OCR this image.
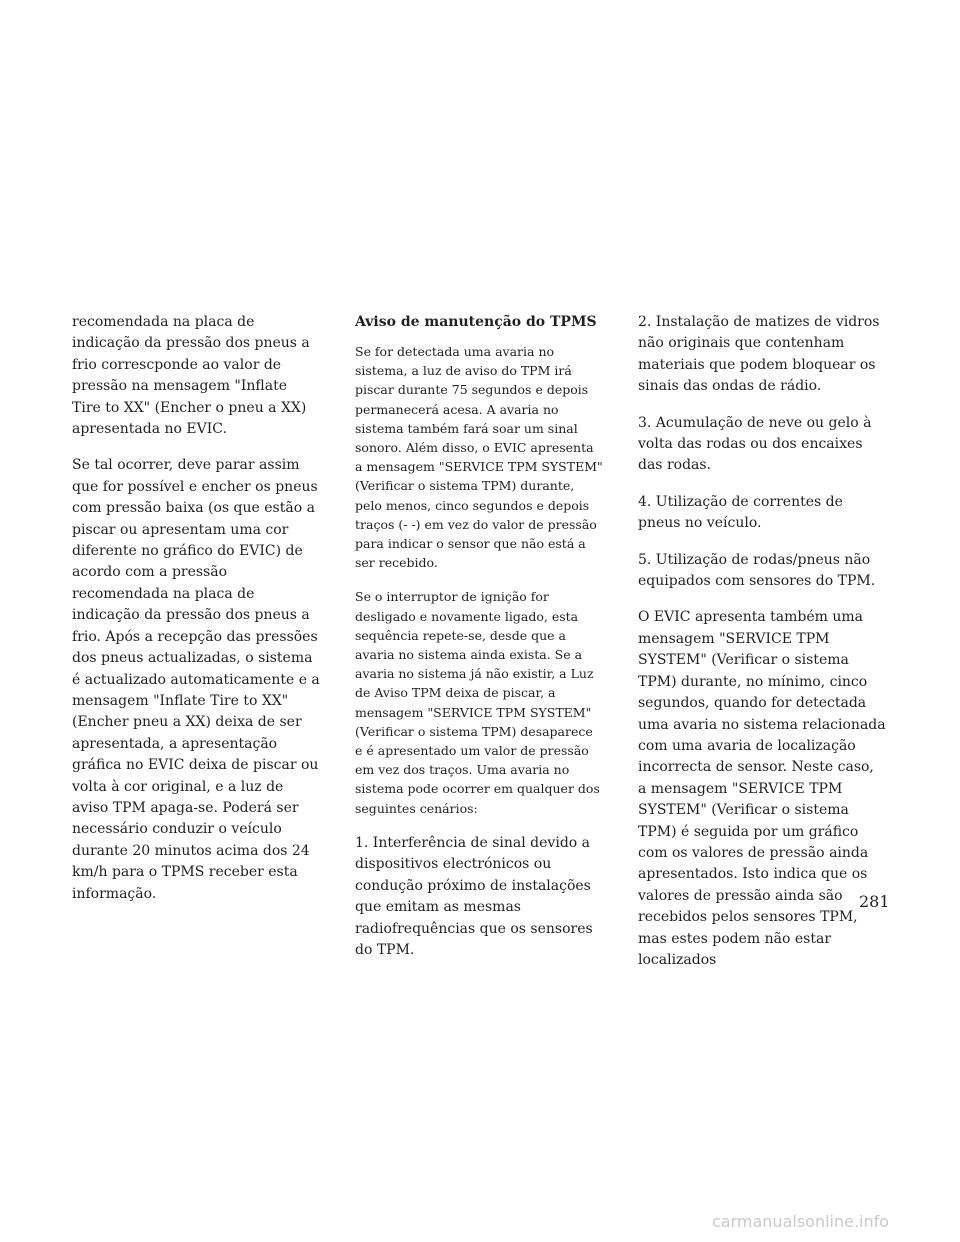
recomendada na placa de indicação da pressão dos pneus a frio correscponde ao valor de pressão na mensagem "Inflate Tire to XX" (Encher o pneu a XX) apresentada no EVIC.

Se tal ocorrer, deve parar assim que for possível e encher os pneus com pressão baixa (os que estão a piscar ou apresentam uma cor diferente no gráfico do EVIC) de acordo com a pressão recomendada na placa de indicação da pressão dos pneus a frio. Após a recepção das pressões dos pneus actualizadas, o sistema é actualizado automaticamente e a mensagem "Inflate Tire to XX" (Encher pneu a XX) deixa de ser apresentada, a apresentação gráfica no EVIC deixa de piscar ou volta à cor original, e a luz de aviso TPM apaga-se. Poderá ser necessário conduzir o veículo durante 20 minutos acima dos 24 km/h para o TPMS receber esta informação.

Aviso de manutenção do TPMS

Se for detectada uma avaria no sistema, a luz de aviso do TPM irá piscar durante 75 segundos e depois permanecerá acesa. A avaria no sistema também fará soar um sinal sonoro. Além disso, o EVIC apresenta a mensagem "SERVICE TPM SYSTEM" (Verificar o sistema TPM) durante, pelo menos, cinco segundos e depois traços (- -) em vez do valor de pressão para indicar o sensor que não está a ser recebido.

Se o interruptor de ignição for desligado e novamente ligado, esta sequência repete-se, desde que a avaria no sistema ainda exista. Se a avaria no sistema já não existir, a Luz de Aviso TPM deixa de piscar, a mensagem "SERVICE TPM SYSTEM" (Verificar o sistema TPM) desaparece e é apresentado um valor de pressão em vez dos traços. Uma avaria no sistema pode ocorrer em qualquer dos seguintes cenários:

1. Interferência de sinal devido a dispositivos electrónicos ou condução próximo de instalações que emitam as mesmas radiofrequências que os sensores do TPM.

2. Instalação de matizes de vidros não originais que contenham materiais que podem bloquear os sinais das ondas de rádio.

3. Acumulação de neve ou gelo à volta das rodas ou dos encaixes das rodas.

4. Utilização de correntes de pneus no veículo.

5. Utilização de rodas/pneus não equipados com sensores do TPM.

O EVIC apresenta também uma mensagem "SERVICE TPM SYSTEM" (Verificar o sistema TPM) durante, no mínimo, cinco segundos, quando for detectada uma avaria no sistema relacionada com uma avaria de localização incorrecta de sensor. Neste caso, a mensagem "SERVICE TPM SYSTEM" (Verificar o sistema TPM) é seguida por um gráfico com os valores de pressão ainda apresentados. Isto indica que os valores de pressão ainda são recebidos pelos sensores TPM, mas estes podem não estar localizados

281
carmanualsonline.info
